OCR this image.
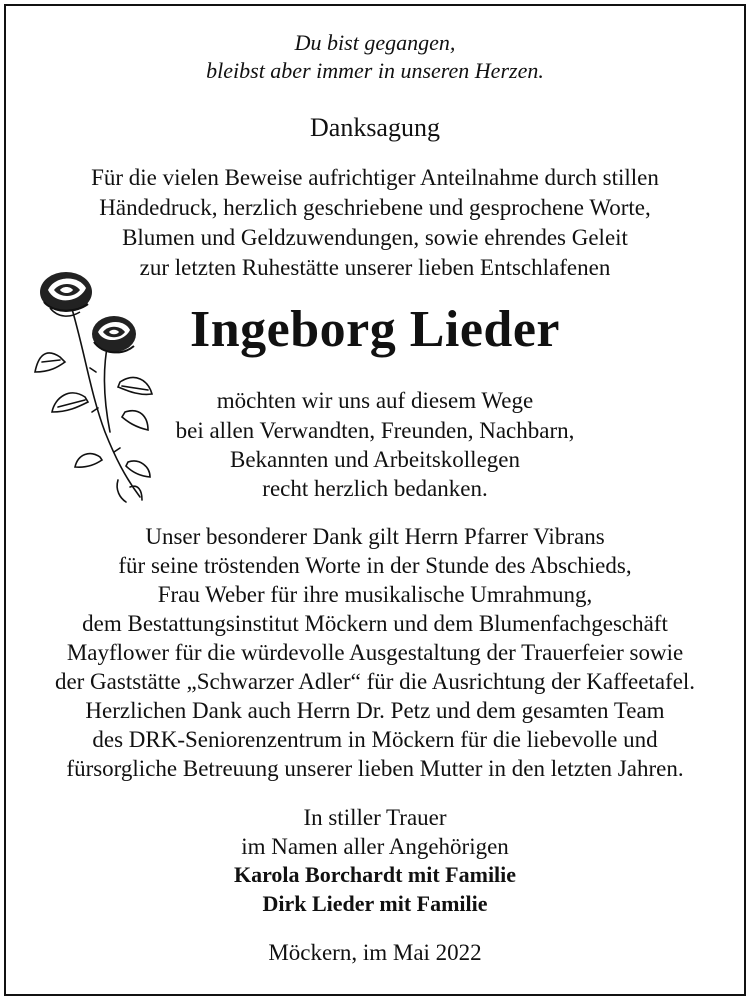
Du bist gegangen,
bleibst aber immer in unseren Herzen.
Danksagung
Für die vielen Beweise aufrichtiger Anteilnahme durch stillen
Händedruck, herzlich geschriebene und gesprochene Worte,
Blumen und Geldzuwendungen, sowie ehrendes Geleit
zur letzten Ruhestätte unserer lieben Entschlafenen
Ingeborg Lieder
möchten wir uns auf diesem Wege
bei allen Verwandten, Freunden, Nachbarn,
Bekannten und Arbeitskollegen
recht herzlich bedanken.
Unser besonderer Dank gilt Herrn Pfarrer Vibrans
für seine tröstenden Worte in der Stunde des Abschieds,
Frau Weber für ihre musikalische Umrahmung,
dem Bestattungsinstitut Möckern und dem Blumenfachgeschäft
Mayflower für die würdevolle Ausgestaltung der Trauerfeier sowie
der Gaststätte „Schwarzer Adler“ für die Ausrichtung der Kaffeetafel.
Herzlichen Dank auch Herrn Dr. Petz und dem gesamten Team
des DRK-Seniorenzentrum in Möckern für die liebevolle und
fürsorgliche Betreuung unserer lieben Mutter in den letzten Jahren.
In stiller Trauer
im Namen aller Angehörigen
Karola Borchardt mit Familie
Dirk Lieder mit Familie
Möckern, im Mai 2022
